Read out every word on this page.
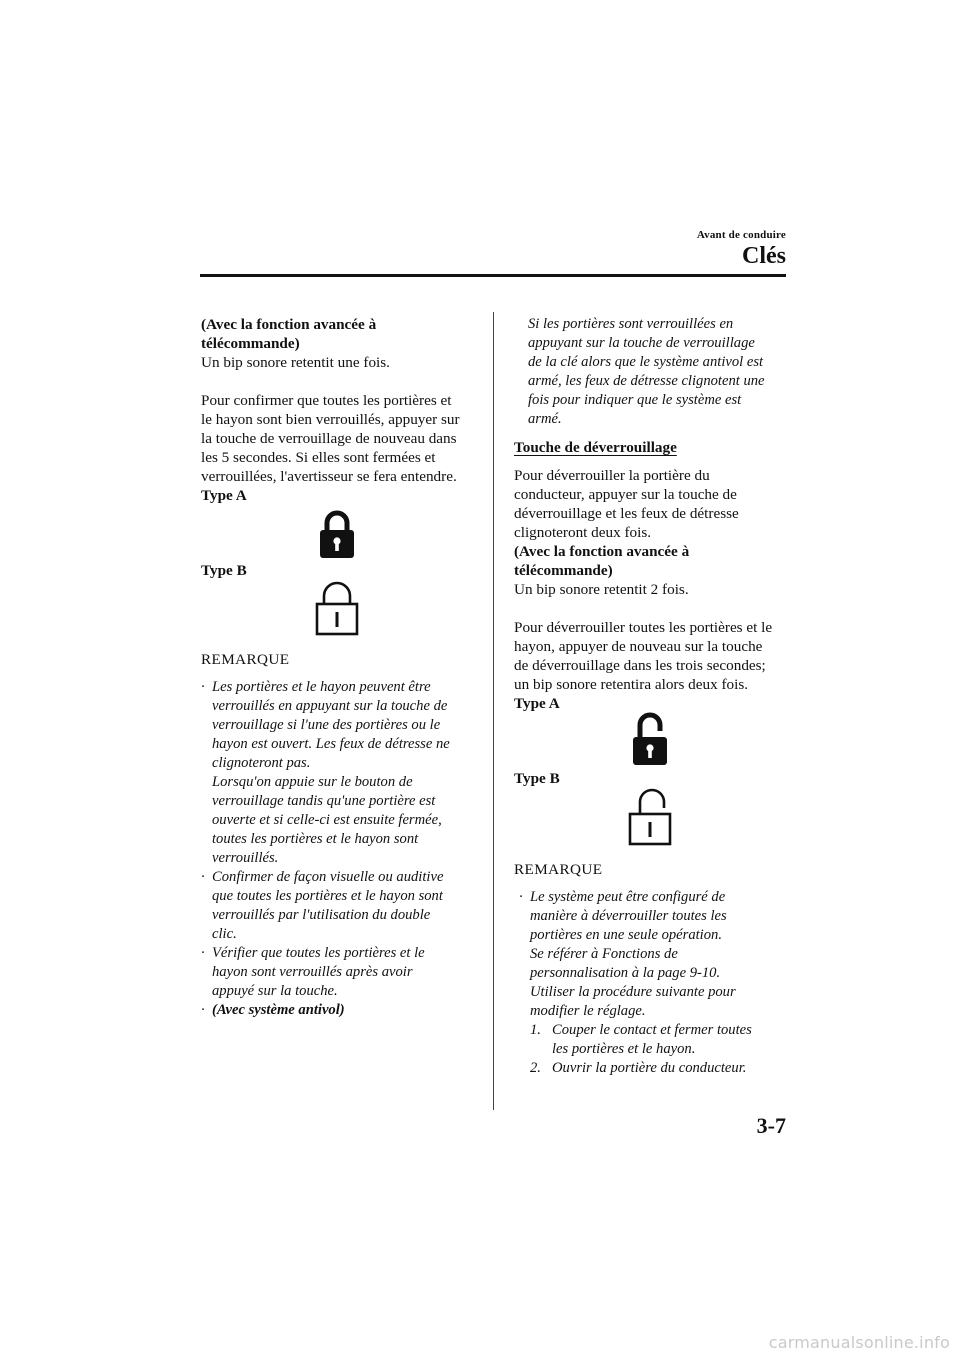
Avant de conduire
Clés

(Avec la fonction avancée à

télécommande)

Un bip sonore retentit une fois.

Pour confirmer que toutes les portières et

le hayon sont bien verrouillés, appuyer sur

la touche de verrouillage de nouveau dans

les 5 secondes. Si elles sont fermées et

verrouillées, l'avertisseur se fera entendre.

Type A

Type B

REMARQUE

· Les portières et le hayon peuvent être
verrouillés en appuyant sur la touche de
verrouillage si l'une des portières ou le
hayon est ouvert. Les feux de détresse ne
clignoteront pas.
Lorsqu'on appuie sur le bouton de
verrouillage tandis qu'une portière est
ouverte et si celle-ci est ensuite fermée,
toutes les portières et le hayon sont
verrouillés.
· Confirmer de façon visuelle ou auditive
que toutes les portières et le hayon sont
verrouillés par l'utilisation du double
clic.
· Vérifier que toutes les portières et le
hayon sont verrouillés après avoir
appuyé sur la touche.
· (Avec système antivol)
Si les portières sont verrouillées en
appuyant sur la touche de verrouillage
de la clé alors que le système antivol est
armé, les feux de détresse clignotent une
fois pour indiquer que le système est
armé.

Touche de déverrouillage

Pour déverrouiller la portière du

conducteur, appuyer sur la touche de

déverrouillage et les feux de détresse

clignoteront deux fois.

(Avec la fonction avancée à

télécommande)

Un bip sonore retentit 2 fois.

Pour déverrouiller toutes les portières et le

hayon, appuyer de nouveau sur la touche

de déverrouillage dans les trois secondes;

un bip sonore retentira alors deux fois.

Type A

Type B

REMARQUE

· Le système peut être configuré de
manière à déverrouiller toutes les
portières en une seule opération.
Se référer à Fonctions de
personnalisation à la page 9-10.
Utiliser la procédure suivante pour
modifier le réglage.
1. Couper le contact et fermer toutes
les portières et le hayon.
2. Ouvrir la portière du conducteur.
3-7
carmanualsonline.info
